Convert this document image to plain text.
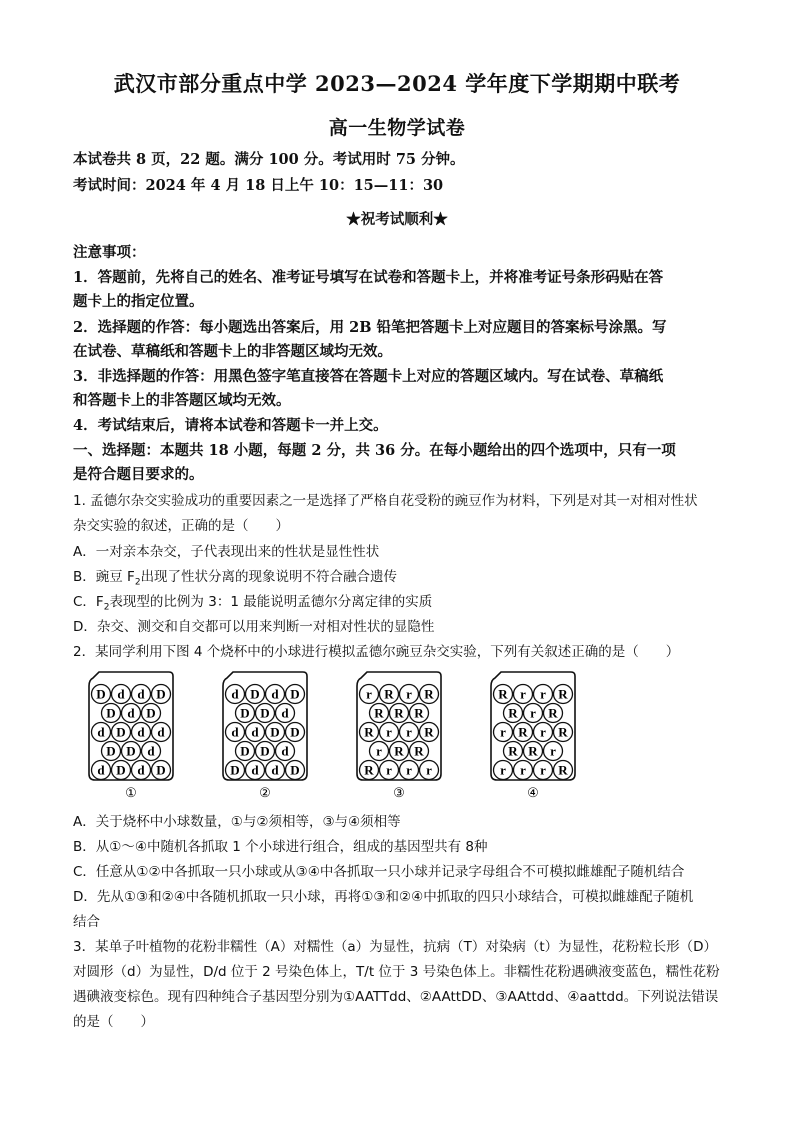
武汉市部分重点中学 2023—2024 学年度下学期期中联考
高一生物学试卷
本试卷共 8 页，22 题。满分 100 分。考试用时 75 分钟。
考试时间：2024 年 4 月 18 日上午 10：15—11：30
★祝考试顺利★
注意事项：
1．答题前，先将自己的姓名、准考证号填写在试卷和答题卡上，并将准考证号条形码贴在答
题卡上的指定位置。
2．选择题的作答：每小题选出答案后，用 2B 铅笔把答题卡上对应题目的答案标号涂黑。写
在试卷、草稿纸和答题卡上的非答题区域均无效。
3．非选择题的作答：用黑色签字笔直接答在答题卡上对应的答题区域内。写在试卷、草稿纸
和答题卡上的非答题区域均无效。
4．考试结束后，请将本试卷和答题卡一并上交。
一、选择题：本题共 18 小题，每题 2 分，共 36 分。在每小题给出的四个选项中，只有一项
是符合题目要求的。
1. 孟德尔杂交实验成功的重要因素之一是选择了严格自花受粉的豌豆作为材料，下列是对其一对相对性状
杂交实验的叙述，正确的是（　　）
A．一对亲本杂交，子代表现出来的性状是显性性状
B．豌豆 $F_2$出现了性状分离的现象说明不符合融合遗传
C．$F_2$表现型的比例为 3：1 最能说明孟德尔分离定律的实质
D．杂交、测交和自交都可以用来判断一对相对性状的显隐性
2．某同学利用下图 4 个烧杯中的小球进行模拟孟德尔豌豆杂交实验，下列有关叙述正确的是（　　）
D d d D
D d D
d D d d
D D d
d D d D
①
d D d D
D D d
d d D D
D D d
D d d D
②
r R r R
R R R
R r r R
r R R
R r r r
③
R r r R
R r R
r R r R
R R r
r r r R
④
A．关于烧杯中小球数量，①与②须相等，③与④须相等
B．从①～④中随机各抓取 1 个小球进行组合，组成的基因型共有 8种
C．任意从①②中各抓取一只小球或从③④中各抓取一只小球并记录字母组合不可模拟雌雄配子随机结合
D．先从①③和②④中各随机抓取一只小球，再将①③和②④中抓取的四只小球结合，可模拟雌雄配子随机
结合
3．某单子叶植物的花粉非糯性（A）对糯性（a）为显性，抗病（T）对染病（t）为显性，花粉粒长形（D）
对圆形（d）为显性，D/d 位于 2 号染色体上，T/t 位于 3 号染色体上。非糯性花粉遇碘液变蓝色，糯性花粉
遇碘液变棕色。现有四种纯合子基因型分别为①AATTdd、②AAttDD、③AAttdd、④aattdd。下列说法错误
的是（　　）
